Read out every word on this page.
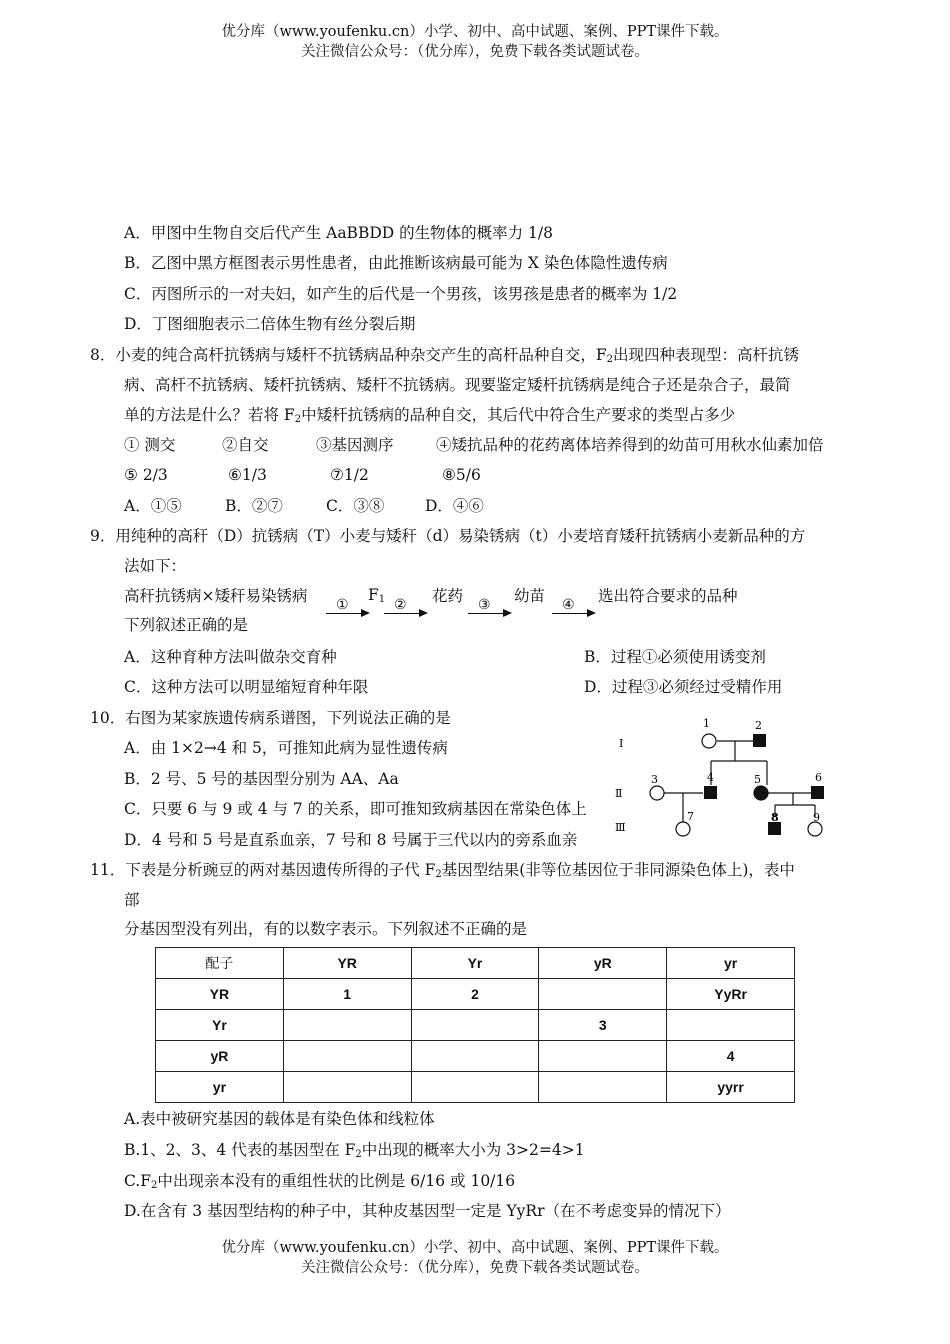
优分库（www.youfenku.cn）小学、初中、高中试题、案例、PPT课件下载。
关注微信公众号：（优分库），免费下载各类试题试卷。
A．甲图中生物自交后代产生 AaBBDD 的生物体的概率力 1/8
B．乙图中黑方框图表示男性患者，由此推断该病最可能为 X 染色体隐性遗传病
C．丙图所示的一对夫妇，如产生的后代是一个男孩，该男孩是患者的概率为 1/2
D．丁图细胞表示二倍体生物有丝分裂后期
8．小麦的纯合高杆抗锈病与矮杆不抗锈病品种杂交产生的高杆品种自交，$F_2$出现四种表现型：高杆抗锈
病、高杆不抗锈病、矮杆抗锈病、矮杆不抗锈病。现要鉴定矮杆抗锈病是纯合子还是杂合子，最简
单的方法是什么？若将 $F_2$中矮杆抗锈病的品种自交，其后代中符合生产要求的类型占多少
① 测交	②自交	③基因测序	④矮抗品种的花药离体培养得到的幼苗可用秋水仙素加倍
⑤ 2/3	⑥1/3	⑦1/2	⑧5/6
A．①⑤	B．②⑦	C．③⑧	D．④⑥
9．用纯种的高秆（D）抗锈病（T）小麦与矮秆（d）易染锈病（t）小麦培育矮秆抗锈病小麦新品种的方
法如下：
高秆抗锈病×矮秆易染锈病 ①
$F_1$ ② 花药 ③ 幼苗 ④ 选出符合要求的品种
下列叙述正确的是
A．这种育种方法叫做杂交育种	B．过程①必须使用诱变剂
C．这种方法可以明显缩短育种年限	D．过程③必须经过受精作用
10．右图为某家族遗传病系谱图，下列说法正确的是
A．由 1×2→4 和 5，可推知此病为显性遗传病
B．2 号、5 号的基因型分别为 AA、Aa
C．只要 6 与 9 或 4 与 7 的关系，即可推知致病基因在常染色体上
D．4 号和 5 号是直系血亲，7 号和 8 号属于三代以内的旁系血亲
Ⅰ
Ⅱ
Ⅲ
1	2
3	4	5	6
7	8	9
11．下表是分析豌豆的两对基因遗传所得的子代 $F_2$基因型结果(非等位基因位于非同源染色体上)，表中
部
分基因型没有列出，有的以数字表示。下列叙述不正确的是
配子	YR	Yr	yR	yr
YR	1	2		YyRr
Yr			3	
yR				4
yr				yyrr
A.表中被研究基因的载体是有染色体和线粒体
B.1、2、3、4 代表的基因型在 $F_2$中出现的概率大小为 3>2=4>1
$C.F_2$中出现亲本没有的重组性状的比例是 6/16 或 10/16
D.在含有 3 基因型结构的种子中，其种皮基因型一定是 YyRr（在不考虑变异的情况下）
优分库（www.youfenku.cn）小学、初中、高中试题、案例、PPT课件下载。
关注微信公众号：（优分库），免费下载各类试题试卷。
